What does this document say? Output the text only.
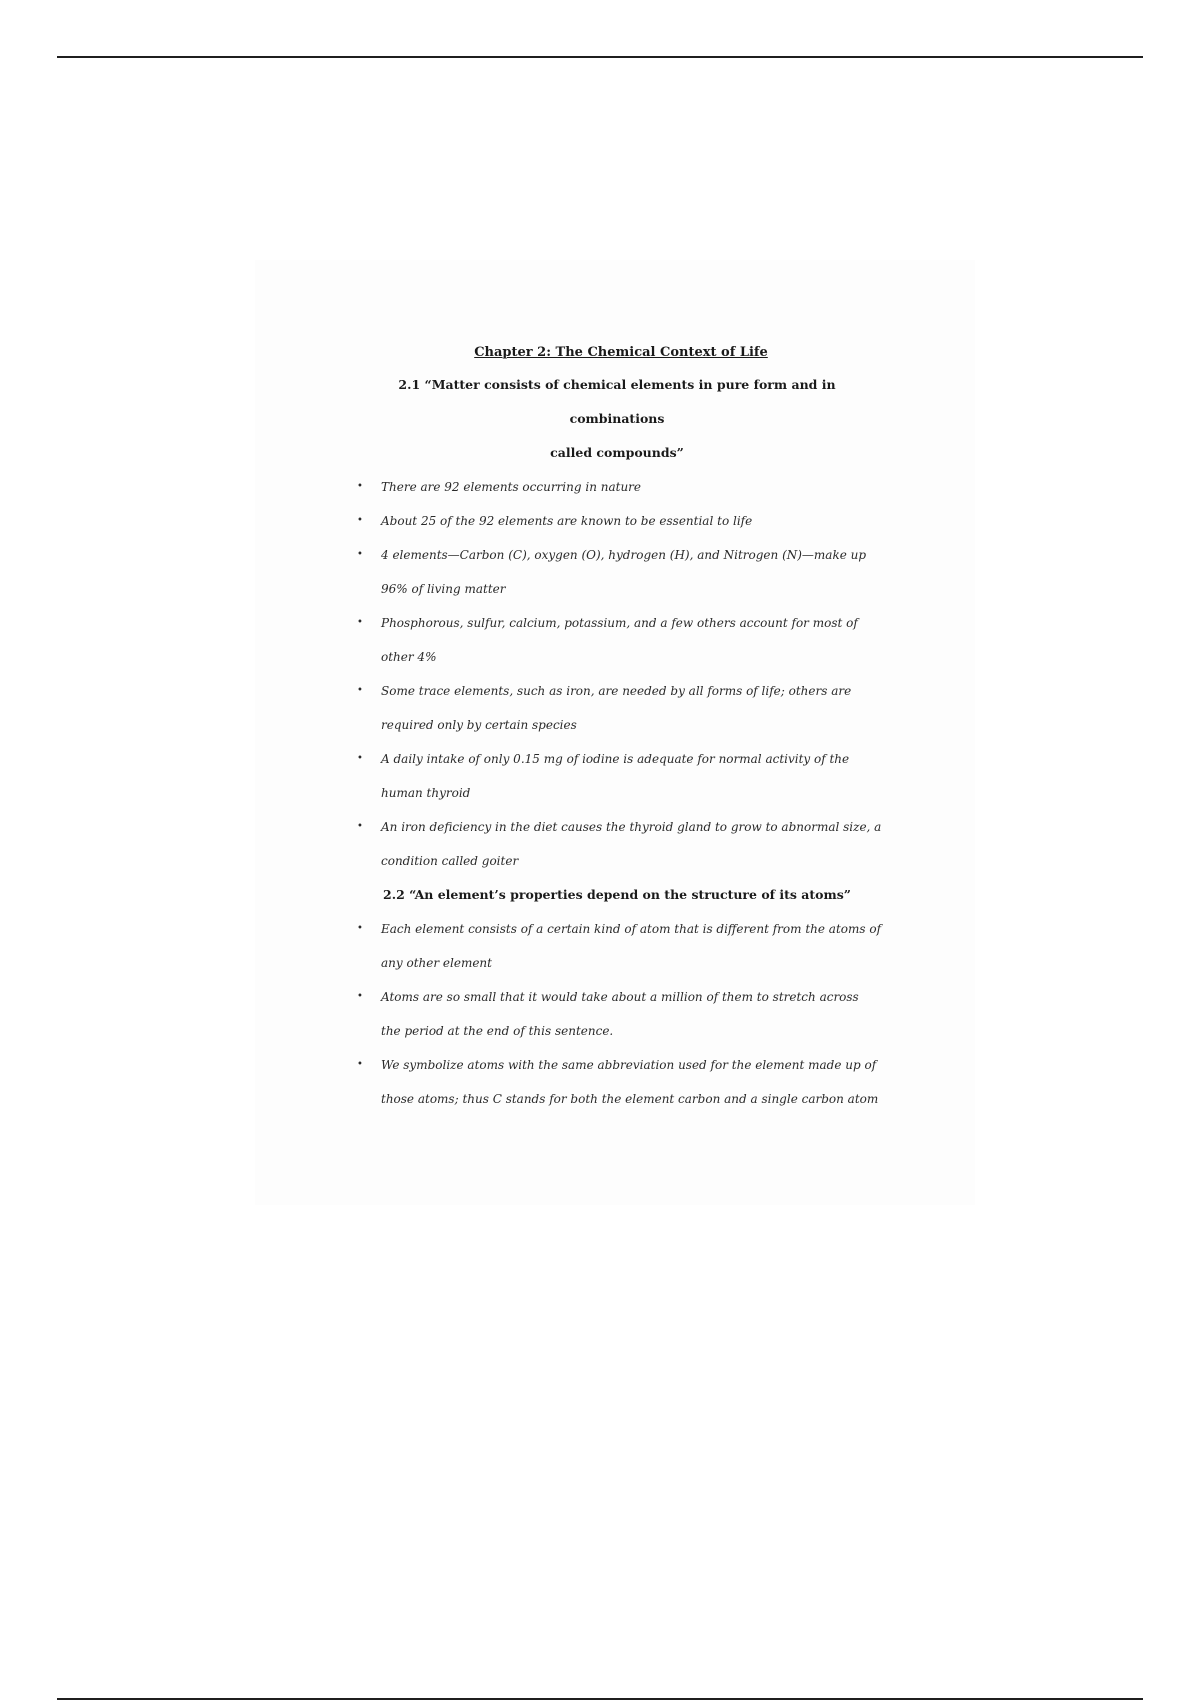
Chapter 2: The Chemical Context of Life
2.1 “Matter consists of chemical elements in pure form and in combinations
called compounds”
• There are 92 elements occurring in nature
• About 25 of the 92 elements are known to be essential to life
• 4 elements—Carbon (C), oxygen (O), hydrogen (H), and Nitrogen (N)—make up 96% of living matter
• Phosphorous, sulfur, calcium, potassium, and a few others account for most of other 4%
• Some trace elements, such as iron, are needed by all forms of life; others are required only by certain species
• A daily intake of only 0.15 mg of iodine is adequate for normal activity of the human thyroid
• An iron deficiency in the diet causes the thyroid gland to grow to abnormal size, a condition called goiter
2.2 “An element’s properties depend on the structure of its atoms”
• Each element consists of a certain kind of atom that is different from the atoms of any other element
• Atoms are so small that it would take about a million of them to stretch across the period at the end of this sentence.
• We symbolize atoms with the same abbreviation used for the element made up of those atoms; thus C stands for both the element carbon and a single carbon atom
